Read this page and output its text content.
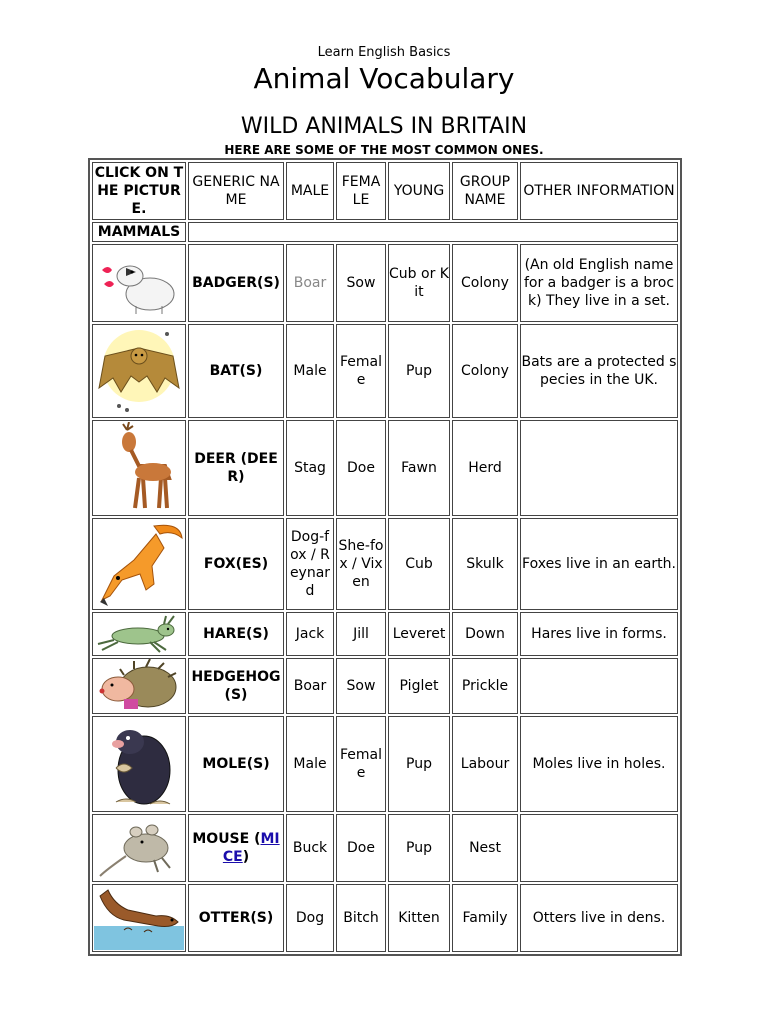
Learn English Basics
Animal Vocabulary
WILD ANIMALS IN BRITAIN
HERE ARE SOME OF THE MOST COMMON ONES.
CLICK ON THE PICTURE.	GENERIC NAME	MALE	FEMA LE	YOUNG	GROUP NAME	OTHER INFORMATION
MAMMALS						

	BADGER(S)	Boar	Sow	Cub or Kit	Colony	(An old English name for a badger is a brock) They live in a set.

	BAT(S)	Male	Female	Pup	Colony	Bats are a protected species in the UK.

	DEER (DEER)	Stag	Doe	Fawn	Herd	

	FOX(ES)	Dog-fox / Reynard	She-fox / Vixen	Cub	Skulk	Foxes live in an earth.

	HARE(S)	Jack	Jill	Leveret	Down	Hares live in forms.

	HEDGEHOG(S)	Boar	Sow	Piglet	Prickle	

	MOLE(S)	Male	Female	Pup	Labour	Moles live in holes.

	MOUSE (MICE)	Buck	Doe	Pup	Nest	

	OTTER(S)	Dog	Bitch	Kitten	Family	Otters live in dens.
